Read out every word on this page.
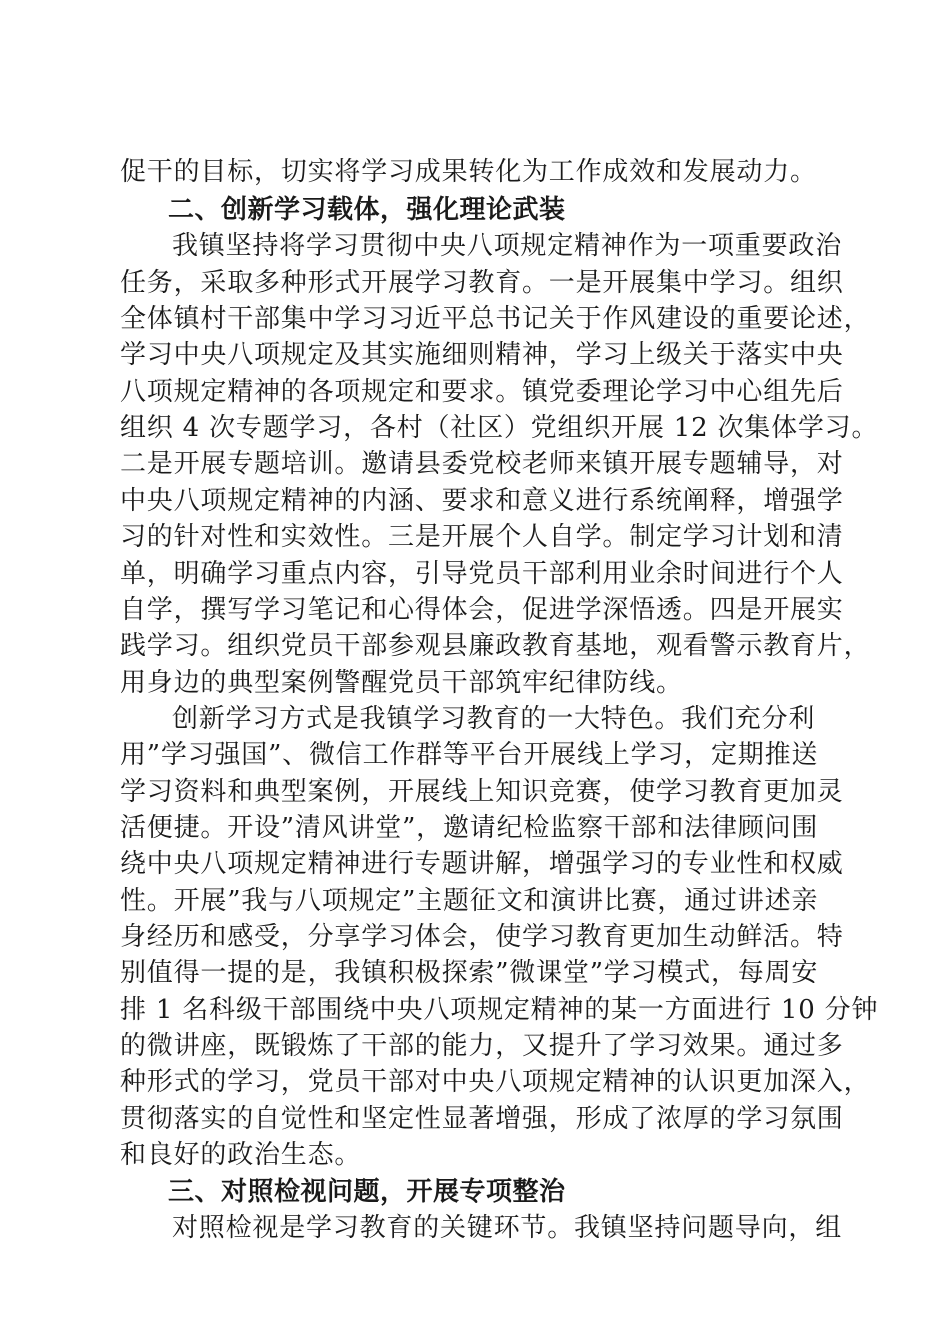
促干的目标，切实将学习成果转化为工作成效和发展动力。
二、创新学习载体，强化理论武装
我镇坚持将学习贯彻中央八项规定精神作为一项重要政治
任务，采取多种形式开展学习教育。一是开展集中学习。组织
全体镇村干部集中学习习近平总书记关于作风建设的重要论述，
学习中央八项规定及其实施细则精神，学习上级关于落实中央
八项规定精神的各项规定和要求。镇党委理论学习中心组先后
组织 4 次专题学习，各村（社区）党组织开展 12 次集体学习。
二是开展专题培训。邀请县委党校老师来镇开展专题辅导，对
中央八项规定精神的内涵、要求和意义进行系统阐释，增强学
习的针对性和实效性。三是开展个人自学。制定学习计划和清
单，明确学习重点内容，引导党员干部利用业余时间进行个人
自学，撰写学习笔记和心得体会，促进学深悟透。四是开展实
践学习。组织党员干部参观县廉政教育基地，观看警示教育片，
用身边的典型案例警醒党员干部筑牢纪律防线。
创新学习方式是我镇学习教育的一大特色。我们充分利
用”学习强国”、微信工作群等平台开展线上学习，定期推送
学习资料和典型案例，开展线上知识竞赛，使学习教育更加灵
活便捷。开设”清风讲堂”，邀请纪检监察干部和法律顾问围
绕中央八项规定精神进行专题讲解，增强学习的专业性和权威
性。开展”我与八项规定”主题征文和演讲比赛，通过讲述亲
身经历和感受，分享学习体会，使学习教育更加生动鲜活。特
别值得一提的是，我镇积极探索”微课堂”学习模式，每周安
排 1 名科级干部围绕中央八项规定精神的某一方面进行 10 分钟
的微讲座，既锻炼了干部的能力，又提升了学习效果。通过多
种形式的学习，党员干部对中央八项规定精神的认识更加深入，
贯彻落实的自觉性和坚定性显著增强，形成了浓厚的学习氛围
和良好的政治生态。
三、对照检视问题，开展专项整治
对照检视是学习教育的关键环节。我镇坚持问题导向，组
